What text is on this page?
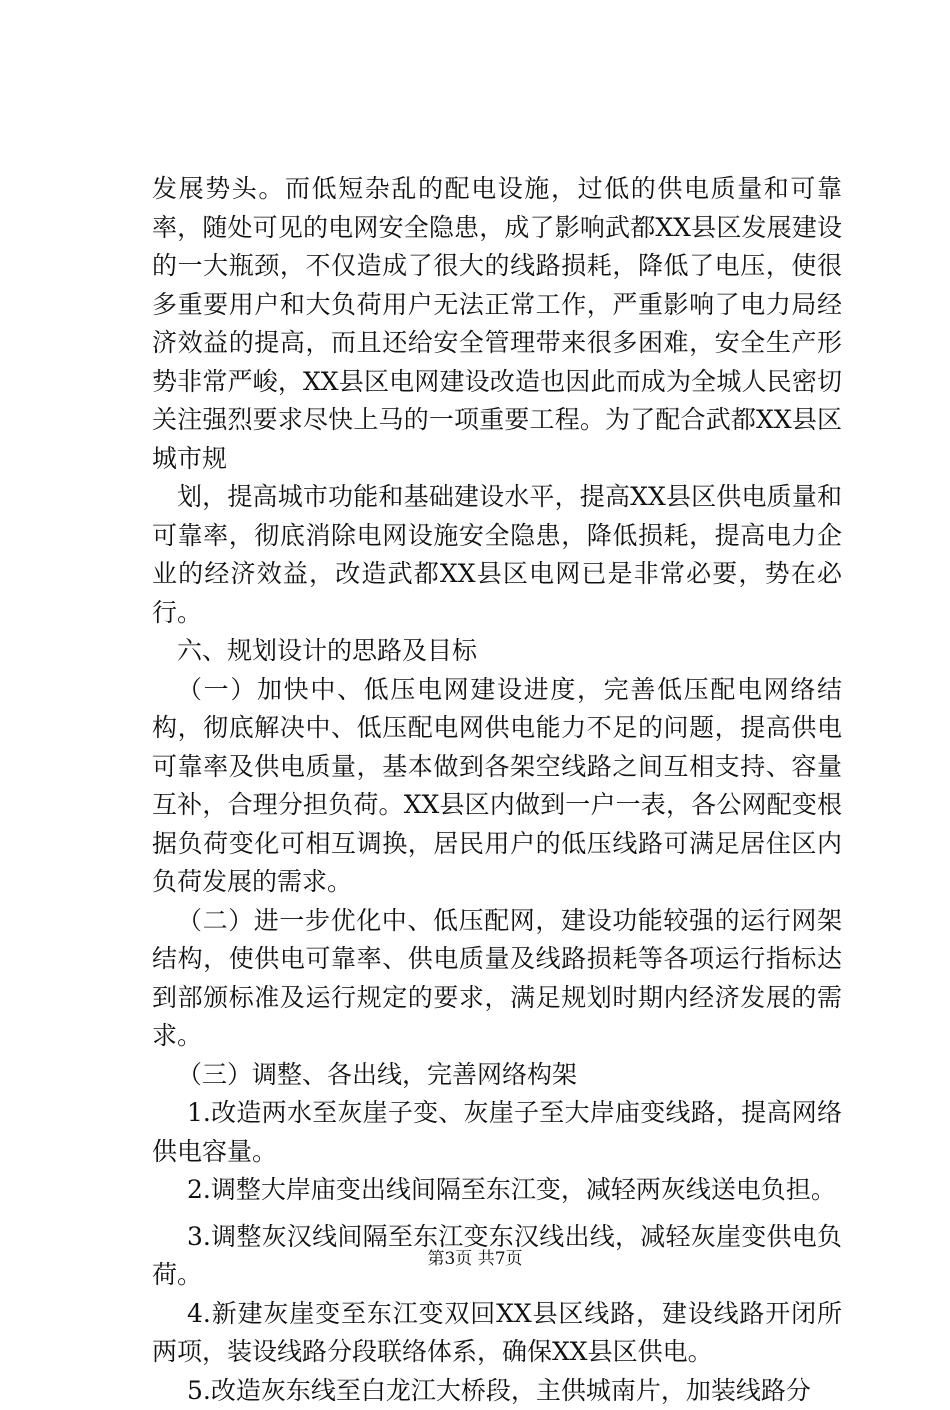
发展势头。而低短杂乱的配电设施，过低的供电质量和可靠率，随处可见的电网安全隐患，成了影响武都XX县区发展建设的一大瓶颈，不仅造成了很大的线路损耗，降低了电压，使很多重要用户和大负荷用户无法正常工作，严重影响了电力局经济效益的提高，而且还给安全管理带来很多困难，安全生产形势非常严峻，XX县区电网建设改造也因此而成为全城人民密切关注强烈要求尽快上马的一项重要工程。为了配合武都XX县区城市规

划，提高城市功能和基础建设水平，提高XX县区供电质量和可靠率，彻底消除电网设施安全隐患，降低损耗，提高电力企业的经济效益，改造武都XX县区电网已是非常必要，势在必行。

六、规划设计的思路及目标

（一）加快中、低压电网建设进度，完善低压配电网络结构，彻底解决中、低压配电网供电能力不足的问题，提高供电可靠率及供电质量，基本做到各架空线路之间互相支持、容量互补，合理分担负荷。XX县区内做到一户一表，各公网配变根据负荷变化可相互调换，居民用户的低压线路可满足居住区内负荷发展的需求。

（二）进一步优化中、低压配网，建设功能较强的运行网架结构，使供电可靠率、供电质量及线路损耗等各项运行指标达到部颁标准及运行规定的要求，满足规划时期内经济发展的需求。

（三）调整、各出线，完善网络构架

1.改造两水至灰崖子变、灰崖子至大岸庙变线路，提高网络供电容量。

2.调整大岸庙变出线间隔至东江变，减轻两灰线送电负担。

3.调整灰汉线间隔至东江变东汉线出线，减轻灰崖变供电负荷。

4.新建灰崖变至东江变双回XX县区线路，建设线路开闭所两项，装设线路分段联络体系，确保XX县区供电。

5.改造灰东线至白龙江大桥段，主供城南片，加装线路分

第3页 共7页
